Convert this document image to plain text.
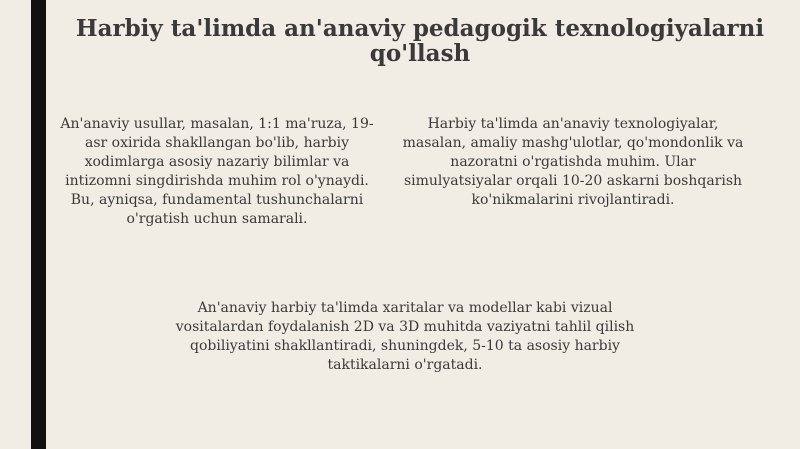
Harbiy ta'limda an'anaviy pedagogik texnologiyalarni qo'llash

An'anaviy usullar, masalan, 1:1 ma'ruza, 19-asr oxirida shakllangan bo'lib, harbiy xodimlarga asosiy nazariy bilimlar va intizomni singdirishda muhim rol o'ynaydi. Bu, ayniqsa, fundamental tushunchalarni o'rgatish uchun samarali.

Harbiy ta'limda an'anaviy texnologiyalar, masalan, amaliy mashg'ulotlar, qo'mondonlik va nazoratni o'rgatishda muhim. Ular simulyatsiyalar orqali 10-20 askarni boshqarish ko'nikmalarini rivojlantiradi.

An'anaviy harbiy ta'limda xaritalar va modellar kabi vizual vositalardan foydalanish 2D va 3D muhitda vaziyatni tahlil qilish qobiliyatini shakllantiradi, shuningdek, 5-10 ta asosiy harbiy taktikalarni o'rgatadi.
